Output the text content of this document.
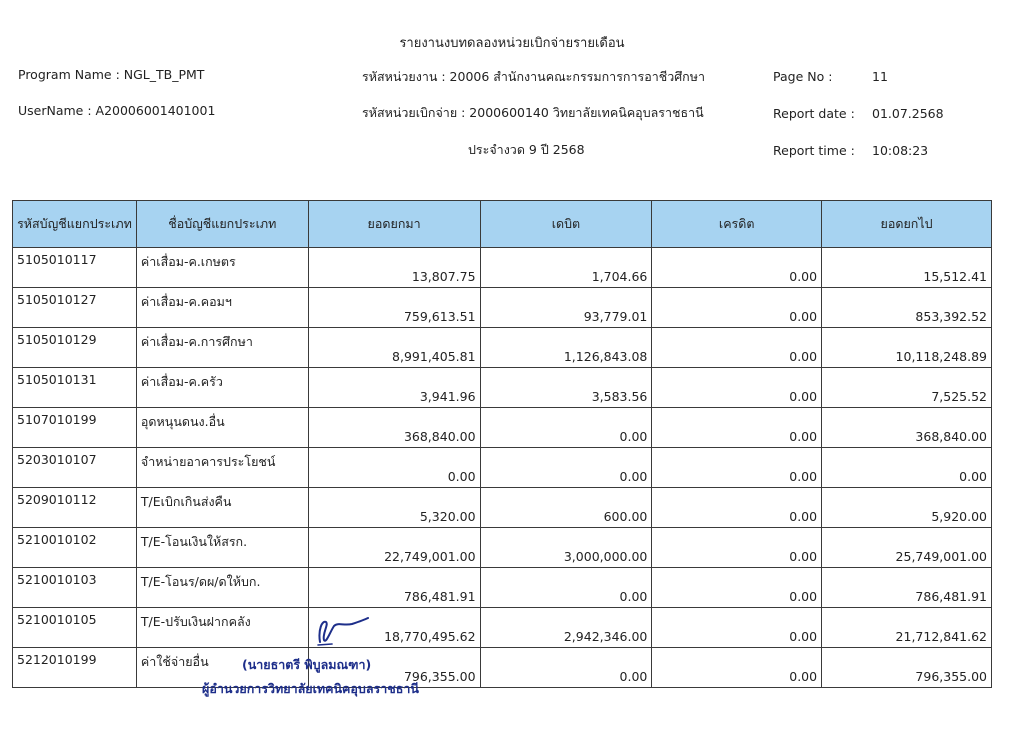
รายงานงบทดลองหน่วยเบิกจ่ายรายเดือน
Program Name : NGL_TB_PMT
UserName : A20006001401001
รหัสหน่วยงาน : 20006 สำนักงานคณะกรรมการการอาชีวศึกษา
รหัสหน่วยเบิกจ่าย : 2000600140 วิทยาลัยเทคนิคอุบลราชธานี
ประจำงวด 9 ปี 2568
Page No :	11
Report date : 01.07.2568
Report time : 10:08:23
รหัสบัญชีแยกประเภท	ชื่อบัญชีแยกประเภท	ยอดยกมา	เดบิต	เครดิต	ยอดยกไป
5105010117	ค่าเสื่อม-ค.เกษตร	13,807.75	1,704.66	0.00	15,512.41
5105010127	ค่าเสื่อม-ค.คอมฯ	759,613.51	93,779.01	0.00	853,392.52
5105010129	ค่าเสื่อม-ค.การศึกษา	8,991,405.81	1,126,843.08	0.00	10,118,248.89
5105010131	ค่าเสื่อม-ค.ครัว	3,941.96	3,583.56	0.00	7,525.52
5107010199	อุดหนุนดนง.อื่น	368,840.00	0.00	0.00	368,840.00
5203010107	จำหน่ายอาคารประโยชน์	0.00	0.00	0.00	0.00
5209010112	T/Eเบิกเกินส่งคืน	5,320.00	600.00	0.00	5,920.00
5210010102	T/E-โอนเงินให้สรก.	22,749,001.00	3,000,000.00	0.00	25,749,001.00
5210010103	T/E-โอนร/ดผ/ดให้บก.	786,481.91	0.00	0.00	786,481.91
5210010105	T/E-ปรับเงินฝากคลัง	18,770,495.62	2,942,346.00	0.00	21,712,841.62
5212010199	ค่าใช้จ่ายอื่น	796,355.00	0.00	0.00	796,355.00
(นายธาตรี พิบูลมณฑา)
ผู้อำนวยการวิทยาลัยเทคนิคอุบลราชธานี
